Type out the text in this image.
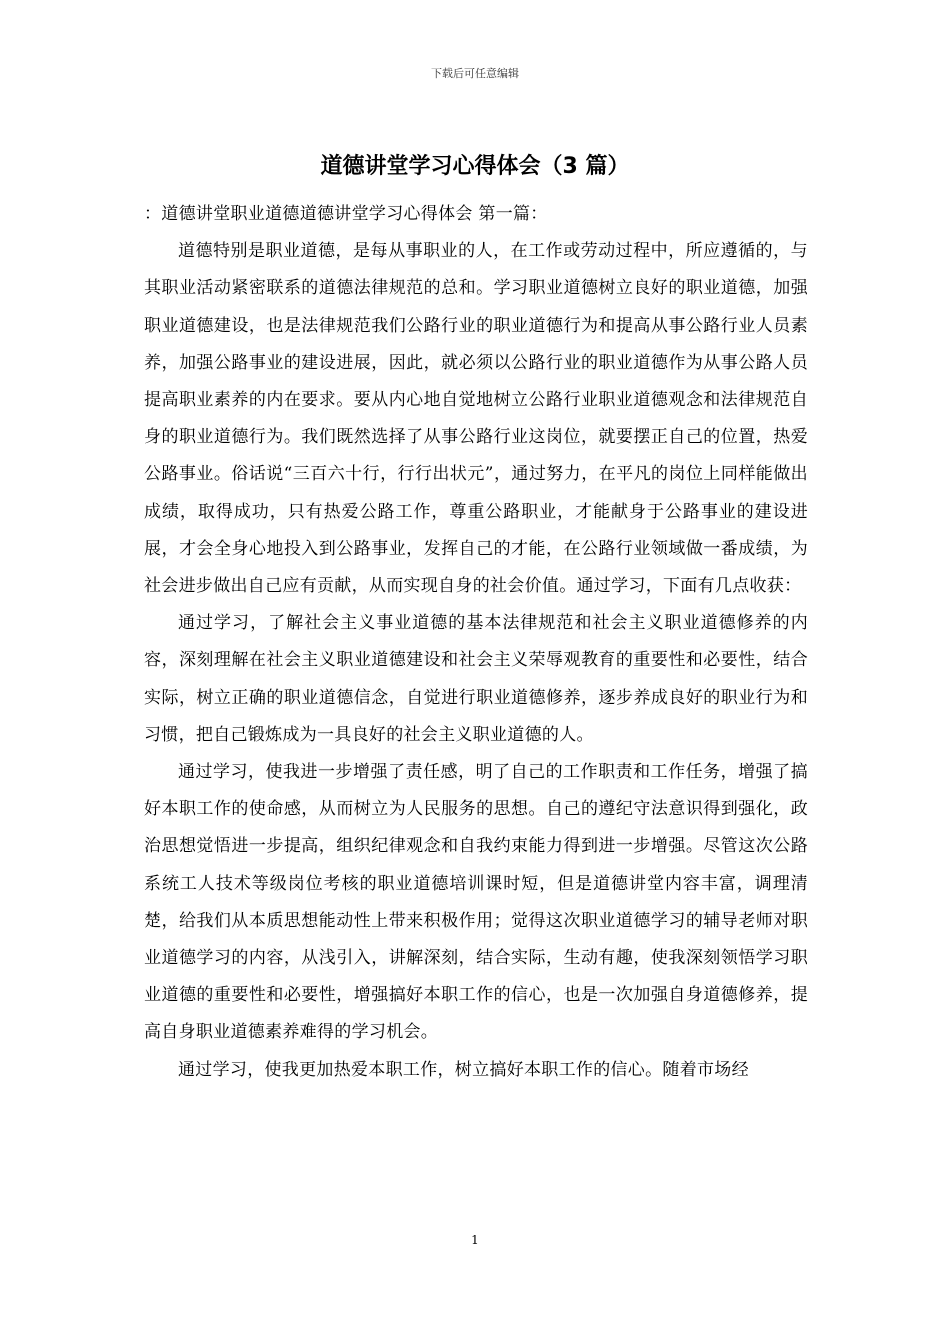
下载后可任意编辑
道德讲堂学习心得体会（3 篇）

：道德讲堂职业道德道德讲堂学习心得体会 第一篇：

道德特别是职业道德，是每从事职业的人，在工作或劳动过程中，所应遵循的，与其职业活动紧密联系的道德法律规范的总和。学习职业道德树立良好的职业道德，加强职业道德建设，也是法律规范我们公路行业的职业道德行为和提高从事公路行业人员素养，加强公路事业的建设进展，因此，就必须以公路行业的职业道德作为从事公路人员提高职业素养的内在要求。要从内心地自觉地树立公路行业职业道德观念和法律规范自身的职业道德行为。我们既然选择了从事公路行业这岗位，就要摆正自己的位置，热爱公路事业。俗话说“三百六十行，行行出状元”，通过努力，在平凡的岗位上同样能做出成绩，取得成功，只有热爱公路工作，尊重公路职业，才能献身于公路事业的建设进展，才会全身心地投入到公路事业，发挥自己的才能，在公路行业领域做一番成绩，为社会进步做出自己应有贡献，从而实现自身的社会价值。通过学习，下面有几点收获：

通过学习，了解社会主义事业道德的基本法律规范和社会主义职业道德修养的内容，深刻理解在社会主义职业道德建设和社会主义荣辱观教育的重要性和必要性，结合实际，树立正确的职业道德信念，自觉进行职业道德修养，逐步养成良好的职业行为和习惯，把自己锻炼成为一具良好的社会主义职业道德的人。

通过学习，使我进一步增强了责任感，明了自己的工作职责和工作任务，增强了搞好本职工作的使命感，从而树立为人民服务的思想。自己的遵纪守法意识得到强化，政治思想觉悟进一步提高，组织纪律观念和自我约束能力得到进一步增强。尽管这次公路系统工人技术等级岗位考核的职业道德培训课时短，但是道德讲堂内容丰富，调理清楚，给我们从本质思想能动性上带来积极作用；觉得这次职业道德学习的辅导老师对职业道德学习的内容，从浅引入，讲解深刻，结合实际，生动有趣，使我深刻领悟学习职业道德的重要性和必要性，增强搞好本职工作的信心，也是一次加强自身道德修养，提高自身职业道德素养难得的学习机会。

通过学习，使我更加热爱本职工作，树立搞好本职工作的信心。随着市场经

1
